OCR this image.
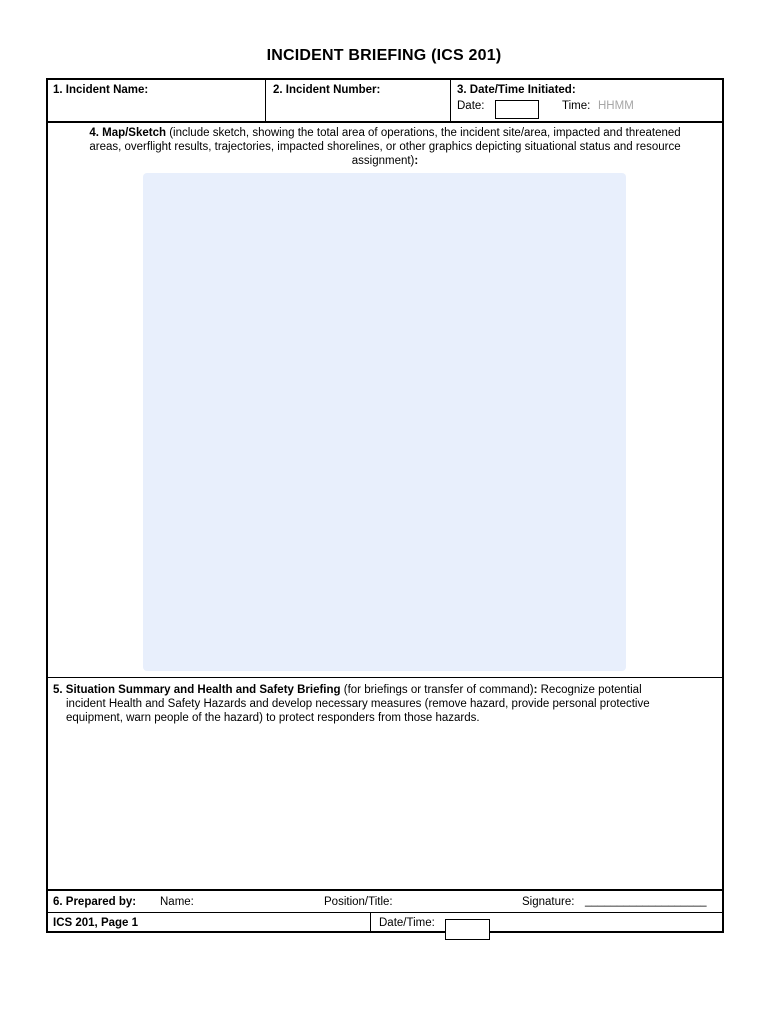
INCIDENT BRIEFING (ICS 201)
1. Incident Name:	2. Incident Number:	3. Date/Time Initiated:
Date:	Time: HHMM
4. Map/Sketch (include sketch, showing the total area of operations, the incident site/area, impacted and threatened
areas, overflight results, trajectories, impacted shorelines, or other graphics depicting situational status and resource
assignment):
5. Situation Summary and Health and Safety Briefing (for briefings or transfer of command): Recognize potential
incident Health and Safety Hazards and develop necessary measures (remove hazard, provide personal protective
equipment, warn people of the hazard) to protect responders from those hazards.
6. Prepared by: Name:	Position/Title:	Signature: ___________________
ICS 201, Page 1	Date/Time:
